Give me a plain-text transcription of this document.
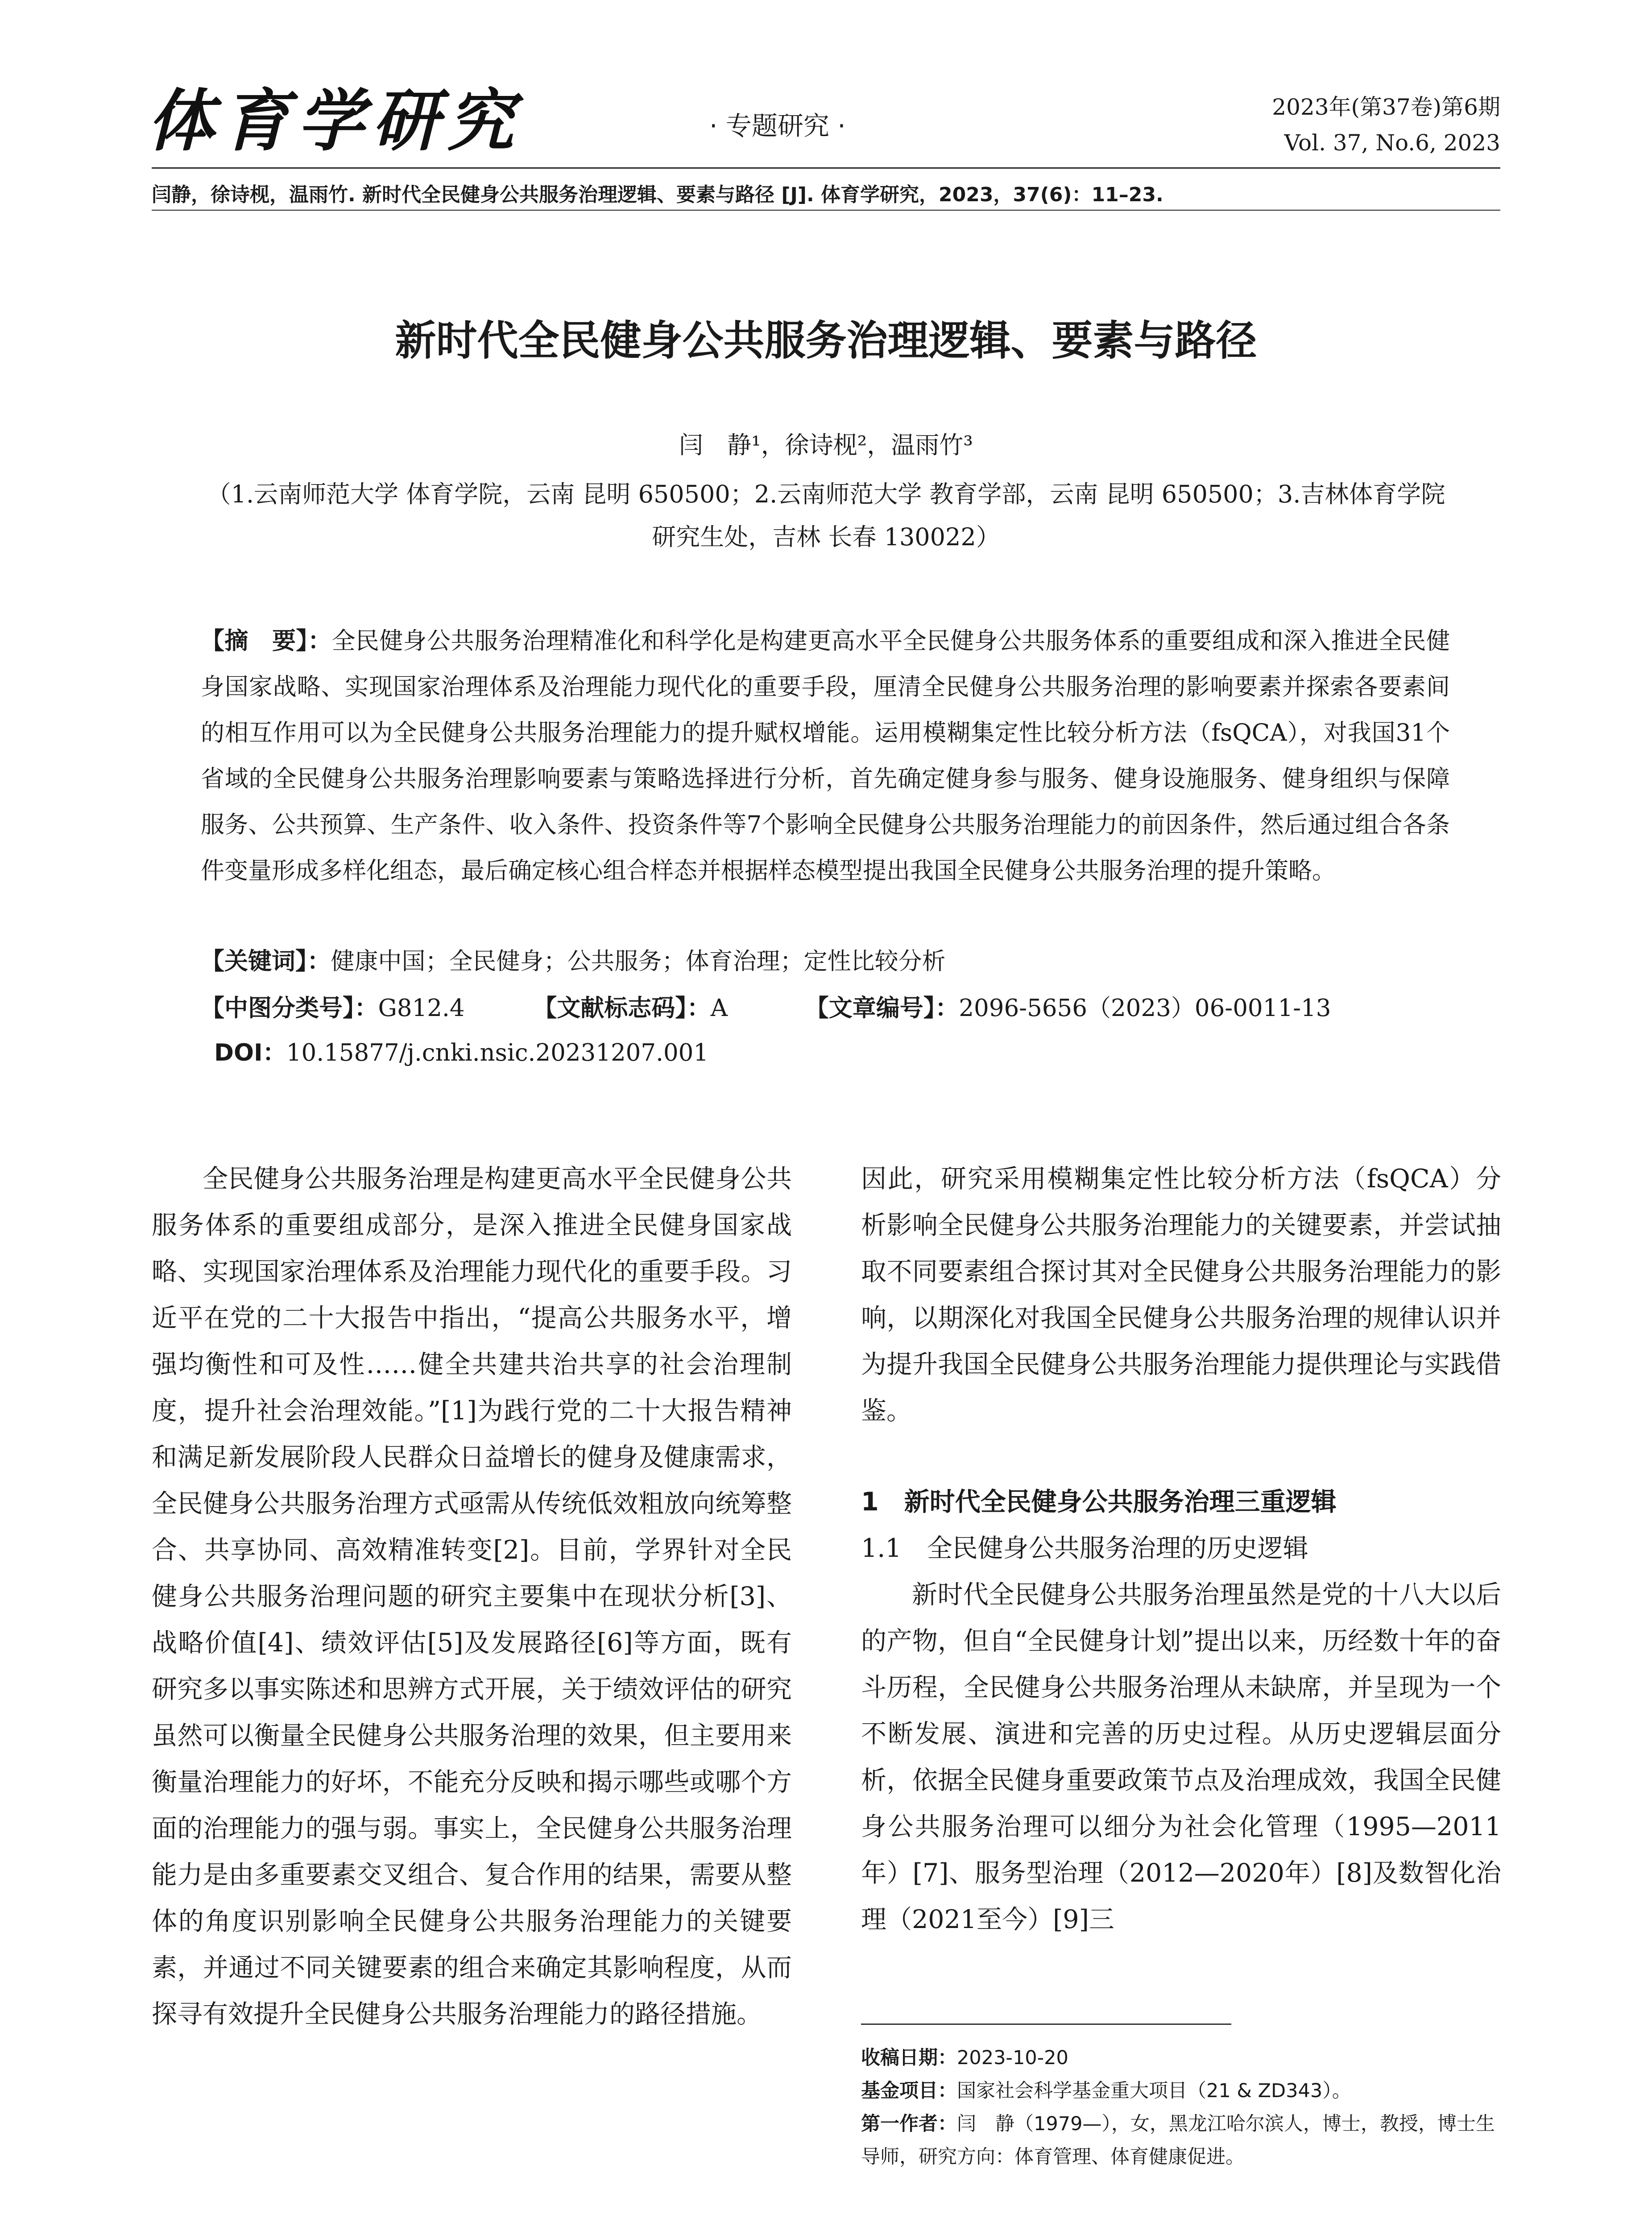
体育学研究	· 专题研究 ·
2023年(第37卷)第6期
Vol. 37, No.6, 2023
闫静，徐诗枧，温雨竹. 新时代全民健身公共服务治理逻辑、要素与路径 [J]. 体育学研究，2023，37(6)：11–23.
新时代全民健身公共服务治理逻辑、要素与路径
闫　静¹，徐诗枧²，温雨竹³
（1.云南师范大学 体育学院，云南 昆明 650500；2.云南师范大学 教育学部，云南 昆明 650500；3.吉林体育学院
研究生处，吉林 长春 130022）
【摘　要】：全民健身公共服务治理精准化和科学化是构建更高水平全民健身公共服务体系的重要组成和深入推进全民健身国家战略、实现国家治理体系及治理能力现代化的重要手段，厘清全民健身公共服务治理的影响要素并探索各要素间的相互作用可以为全民健身公共服务治理能力的提升赋权增能。运用模糊集定性比较分析方法（fsQCA），对我国31个省域的全民健身公共服务治理影响要素与策略选择进行分析，首先确定健身参与服务、健身设施服务、健身组织与保障服务、公共预算、生产条件、收入条件、投资条件等7个影响全民健身公共服务治理能力的前因条件，然后通过组合各条件变量形成多样化组态，最后确定核心组合样态并根据样态模型提出我国全民健身公共服务治理的提升策略。
【关键词】：健康中国；全民健身；公共服务；体育治理；定性比较分析
【中图分类号】：G812.4	【文献标志码】：A	【文章编号】：2096-5656（2023）06-0011-13
DOI：10.15877/j.cnki.nsic.20231207.001

全民健身公共服务治理是构建更高水平全民健身公共服务体系的重要组成部分，是深入推进全民健身国家战略、实现国家治理体系及治理能力现代化的重要手段。习近平在党的二十大报告中指出，“提高公共服务水平，增强均衡性和可及性……健全共建共治共享的社会治理制度，提升社会治理效能。”[1]为践行党的二十大报告精神和满足新发展阶段人民群众日益增长的健身及健康需求，全民健身公共服务治理方式亟需从传统低效粗放向统筹整合、共享协同、高效精准转变[2]。目前，学界针对全民健身公共服务治理问题的研究主要集中在现状分析[3]、战略价值[4]、绩效评估[5]及发展路径[6]等方面，既有研究多以事实陈述和思辨方式开展，关于绩效评估的研究虽然可以衡量全民健身公共服务治理的效果，但主要用来衡量治理能力的好坏，不能充分反映和揭示哪些或哪个方面的治理能力的强与弱。事实上，全民健身公共服务治理能力是由多重要素交叉组合、复合作用的结果，需要从整体的角度识别影响全民健身公共服务治理能力的关键要素，并通过不同关键要素的组合来确定其影响程度，从而探寻有效提升全民健身公共服务治理能力的路径措施。

因此，研究采用模糊集定性比较分析方法（fsQCA）分析影响全民健身公共服务治理能力的关键要素，并尝试抽取不同要素组合探讨其对全民健身公共服务治理能力的影响，以期深化对我国全民健身公共服务治理的规律认识并为提升我国全民健身公共服务治理能力提供理论与实践借鉴。

1　新时代全民健身公共服务治理三重逻辑
1.1　全民健身公共服务治理的历史逻辑

新时代全民健身公共服务治理虽然是党的十八大以后的产物，但自“全民健身计划”提出以来，历经数十年的奋斗历程，全民健身公共服务治理从未缺席，并呈现为一个不断发展、演进和完善的历史过程。从历史逻辑层面分析，依据全民健身重要政策节点及治理成效，我国全民健身公共服务治理可以细分为社会化管理（1995—2011年）[7]、服务型治理（2012—2020年）[8]及数智化治理（2021至今）[9]三

收稿日期：2023-10-20
基金项目：国家社会科学基金重大项目（21 & ZD343）。
第一作者：闫　静（1979—），女，黑龙江哈尔滨人，博士，教授，博士生导师，研究方向：体育管理、体育健康促进。
